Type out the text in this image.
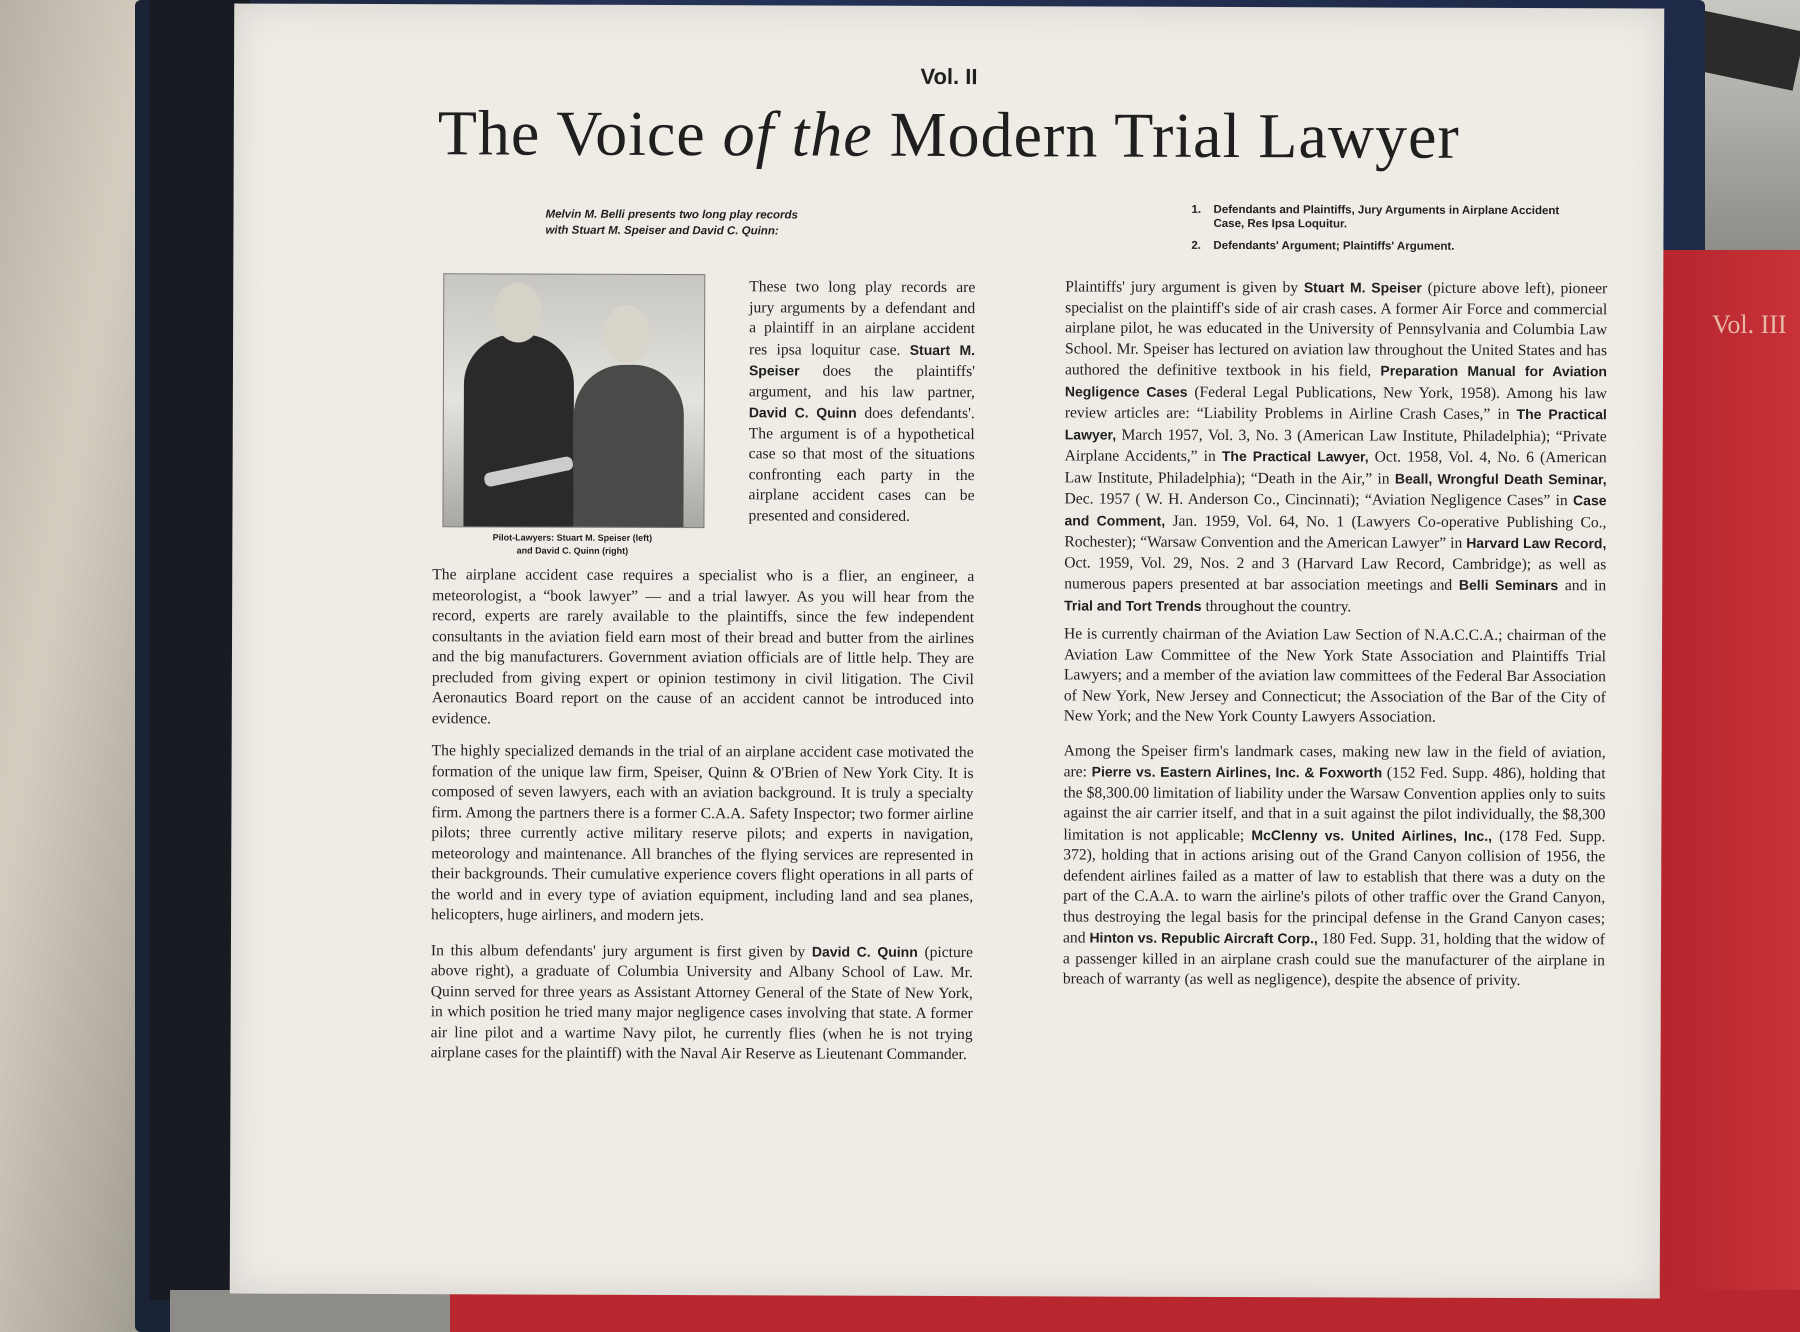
Vol. III
Vol. II
The Voice of the Modern Trial Lawyer
Melvin M. Belli presents two long play records
with Stuart M. Speiser and David C. Quinn:
1.	Defendants and Plaintiffs, Jury Arguments in Airplane Accident Case, Res Ipsa Loquitur.
2.	Defendants' Argument; Plaintiffs' Argument.
Pilot-Lawyers: Stuart M. Speiser (left)
and David C. Quinn (right)
These two long play records are jury arguments by a defendant and a plaintiff in an airplane accident res ipsa loquitur case. Stuart M. Speiser does the plaintiffs' argument, and his law partner, David C. Quinn does defendants'. The argument is of a hypothetical case so that most of the situations confronting each party in the airplane accident cases can be presented and considered.

The airplane accident case requires a specialist who is a flier, an engineer, a meteorologist, a “book lawyer” — and a trial lawyer. As you will hear from the record, experts are rarely available to the plaintiffs, since the few independent consultants in the aviation field earn most of their bread and butter from the airlines and the big manufacturers. Government aviation officials are of little help. They are precluded from giving expert or opinion testimony in civil litigation. The Civil Aeronautics Board report on the cause of an accident cannot be introduced into evidence.

The highly specialized demands in the trial of an airplane accident case motivated the formation of the unique law firm, Speiser, Quinn & O'Brien of New York City. It is composed of seven lawyers, each with an aviation background. It is truly a specialty firm. Among the partners there is a former C.A.A. Safety Inspector; two former airline pilots; three currently active military reserve pilots; and experts in navigation, meteorology and maintenance. All branches of the flying services are represented in their backgrounds. Their cumulative experience covers flight operations in all parts of the world and in every type of aviation equipment, including land and sea planes, helicopters, huge airliners, and modern jets.

In this album defendants' jury argument is first given by David C. Quinn (picture above right), a graduate of Columbia University and Albany School of Law. Mr. Quinn served for three years as Assistant Attorney General of the State of New York, in which position he tried many major negligence cases involving that state. A former air line pilot and a wartime Navy pilot, he currently flies (when he is not trying airplane cases for the plaintiff) with the Naval Air Reserve as Lieutenant Commander.

Plaintiffs' jury argument is given by Stuart M. Speiser (picture above left), pioneer specialist on the plaintiff's side of air crash cases. A former Air Force and commercial airplane pilot, he was educated in the University of Pennsylvania and Columbia Law School. Mr. Speiser has lectured on aviation law throughout the United States and has authored the definitive textbook in his field, Preparation Manual for Aviation Negligence Cases (Federal Legal Publications, New York, 1958). Among his law review articles are: “Liability Problems in Airline Crash Cases,” in The Practical Lawyer, March 1957, Vol. 3, No. 3 (American Law Institute, Philadelphia); “Private Airplane Accidents,” in The Practical Lawyer, Oct. 1958, Vol. 4, No. 6 (American Law Institute, Philadelphia); “Death in the Air,” in Beall, Wrongful Death Seminar, Dec. 1957 ( W. H. Anderson Co., Cincinnati); “Aviation Negligence Cases” in Case and Comment, Jan. 1959, Vol. 64, No. 1 (Lawyers Co-operative Publishing Co., Rochester); “Warsaw Convention and the American Lawyer” in Harvard Law Record, Oct. 1959, Vol. 29, Nos. 2 and 3 (Harvard Law Record, Cambridge); as well as numerous papers presented at bar association meetings and Belli Seminars and in Trial and Tort Trends throughout the country.

He is currently chairman of the Aviation Law Section of N.A.C.C.A.; chairman of the Aviation Law Committee of the New York State Association and Plaintiffs Trial Lawyers; and a member of the aviation law committees of the Federal Bar Association of New York, New Jersey and Connecticut; the Association of the Bar of the City of New York; and the New York County Lawyers Association.

Among the Speiser firm's landmark cases, making new law in the field of aviation, are: Pierre vs. Eastern Airlines, Inc. & Foxworth (152 Fed. Supp. 486), holding that the $8,300.00 limitation of liability under the Warsaw Convention applies only to suits against the air carrier itself, and that in a suit against the pilot individually, the $8,300 limitation is not applicable; McClenny vs. United Airlines, Inc., (178 Fed. Supp. 372), holding that in actions arising out of the Grand Canyon collision of 1956, the defendent airlines failed as a matter of law to establish that there was a duty on the part of the C.A.A. to warn the airline's pilots of other traffic over the Grand Canyon, thus destroying the legal basis for the principal defense in the Grand Canyon cases; and Hinton vs. Republic Aircraft Corp., 180 Fed. Supp. 31, holding that the widow of a passenger killed in an airplane crash could sue the manufacturer of the airplane in breach of warranty (as well as negligence), despite the absence of privity.
